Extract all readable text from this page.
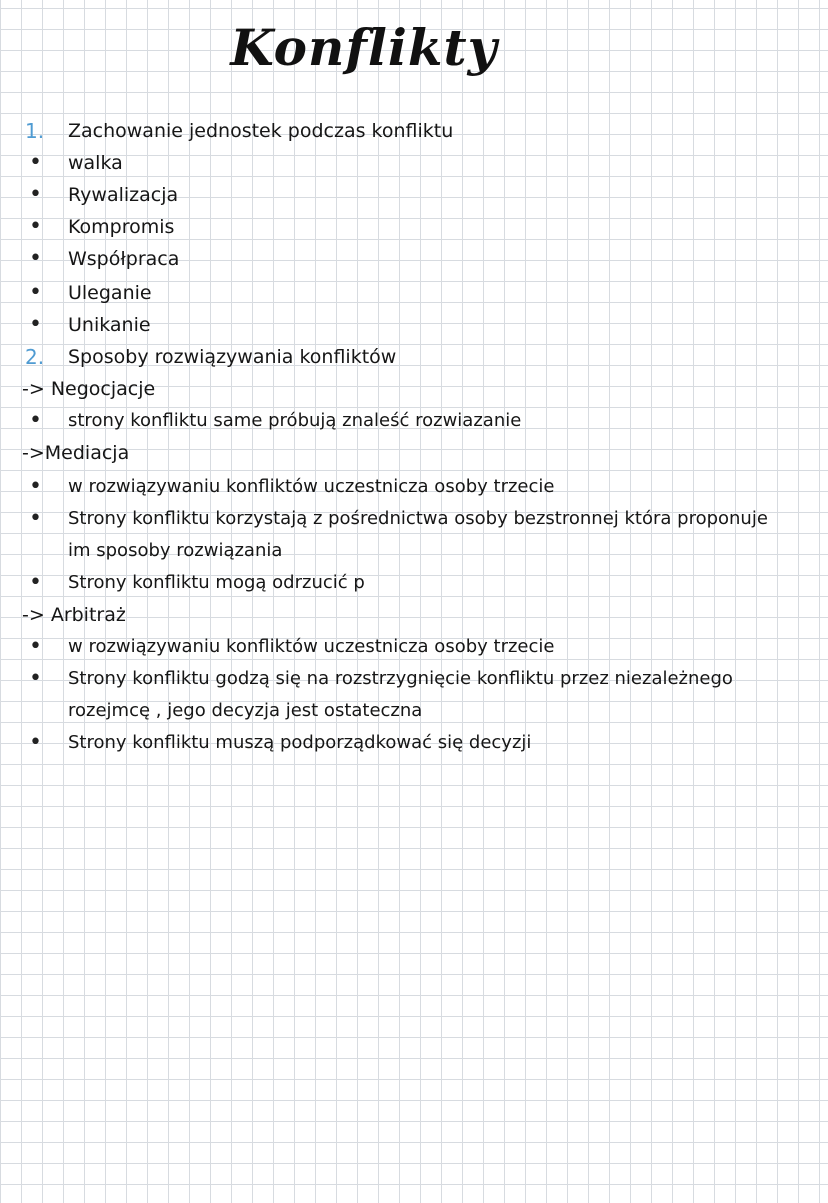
Konflikty
1.	Zachowanie jednostek podczas konfliktu
•	walka
•	Rywalizacja
•	Kompromis
•	Współpraca
•	Uleganie
•	Unikanie
2.	Sposoby rozwiązywania konfliktów
-> Negocjacje
•	strony konfliktu same próbują znaleść rozwiazanie
->Mediacja
•	w rozwiązywaniu konfliktów uczestnicza osoby trzecie
•	Strony konfliktu korzystają z pośrednictwa osoby bezstronnej która proponuje
im sposoby rozwiązania
•	Strony konfliktu mogą odrzucić p
-> Arbitraż
•	w rozwiązywaniu konfliktów uczestnicza osoby trzecie
•	Strony konfliktu godzą się na rozstrzygnięcie konfliktu przez niezależnego
rozejmcę , jego decyzja jest ostateczna
•	Strony konfliktu muszą podporządkować się decyzji
